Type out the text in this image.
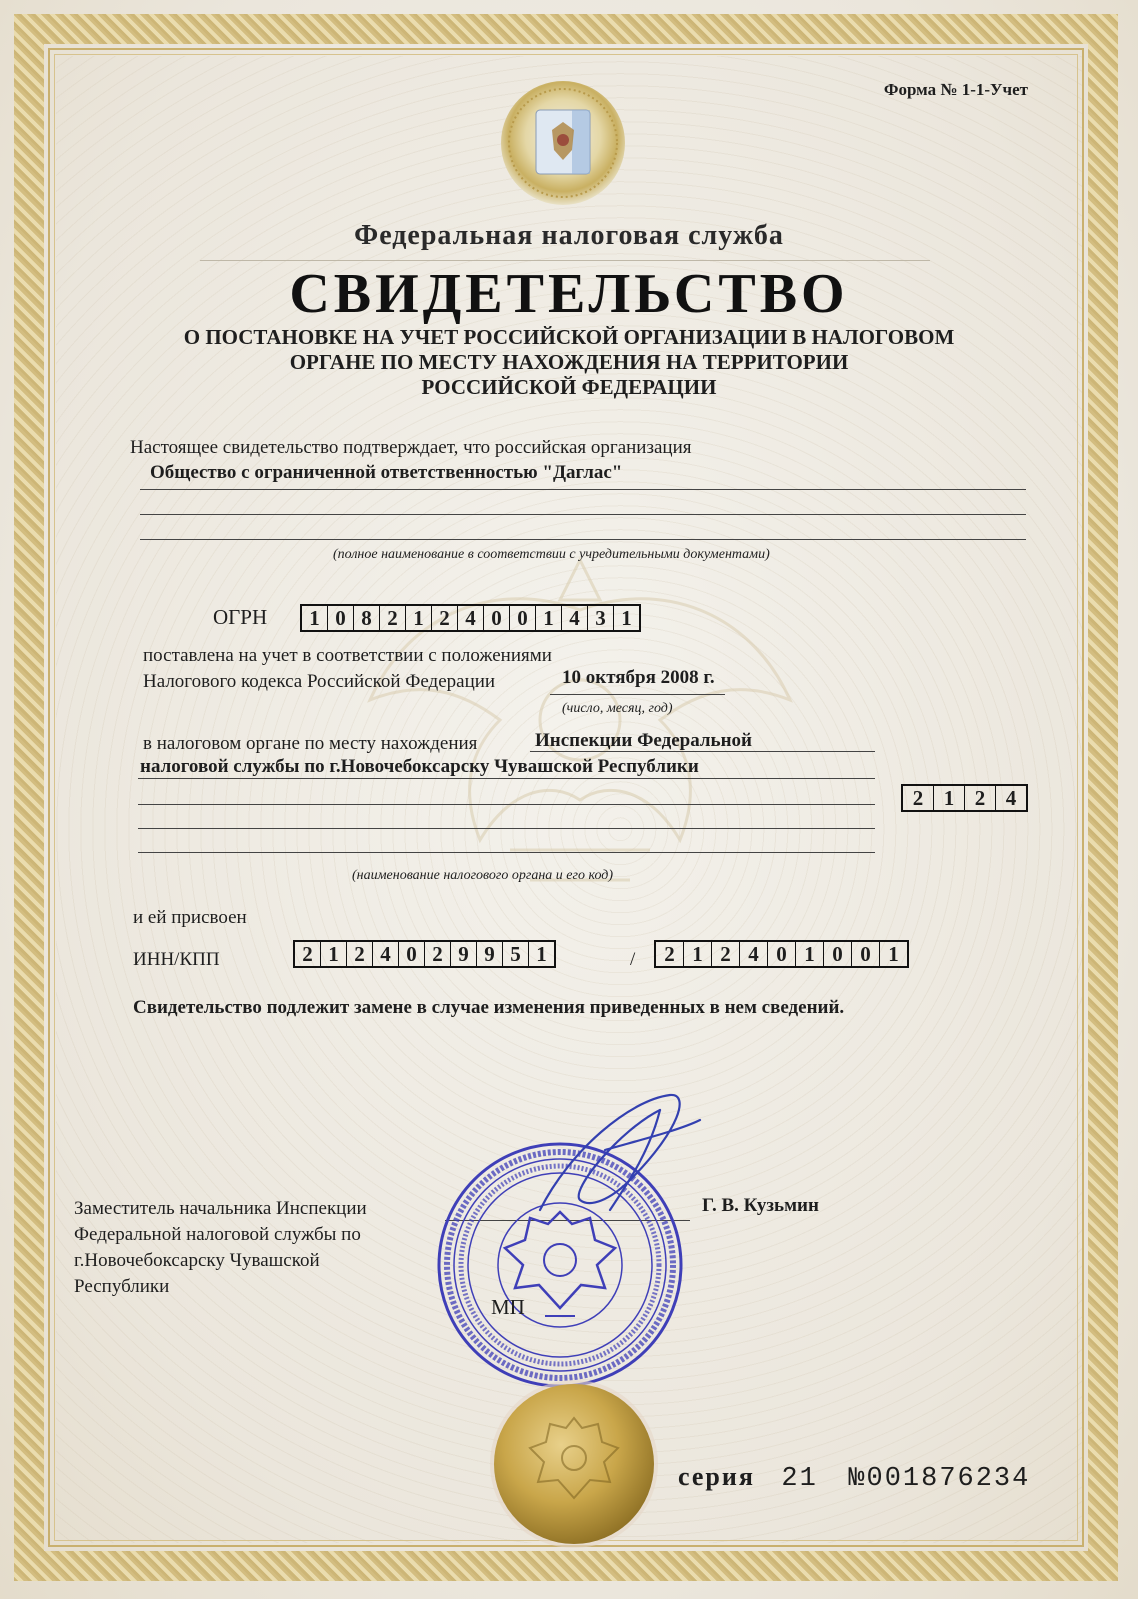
Форма № 1-1-Учет
Федеральная налоговая служба
СВИДЕТЕЛЬСТВО
О ПОСТАНОВКЕ НА УЧЕТ РОССИЙСКОЙ ОРГАНИЗАЦИИ В НАЛОГОВОМ
ОРГАНЕ ПО МЕСТУ НАХОЖДЕНИЯ НА ТЕРРИТОРИИ
РОССИЙСКОЙ ФЕДЕРАЦИИ
Настоящее свидетельство подтверждает, что российская организация
Общество с ограниченной ответственностью "Даглас"
(полное наименование в соответствии с учредительными документами)
ОГРН	1 0 8 2 1 2 4 0 0 1 4 3 1
поставлена на учет в соответствии с положениями
Налогового кодекса Российской Федерации	10 октября 2008 г.
(число, месяц, год)
в налоговом органе по месту нахождения	Инспекции Федеральной
налоговой службы по г.Новочебоксарску Чувашской Республики
2 1 2 4
(наименование налогового органа и его код)
и ей присвоен
ИНН/КПП	2 1 2 4 0 2 9 9 5 1	/	2 1 2 4 0 1 0 0 1
Свидетельство подлежит замене в случае изменения приведенных в нем сведений.
Заместитель начальника Инспекции Федеральной налоговой службы по г.Новочебоксарску Чувашской Республики
Г. В. Кузьмин
МП
серия 21 №001876234
